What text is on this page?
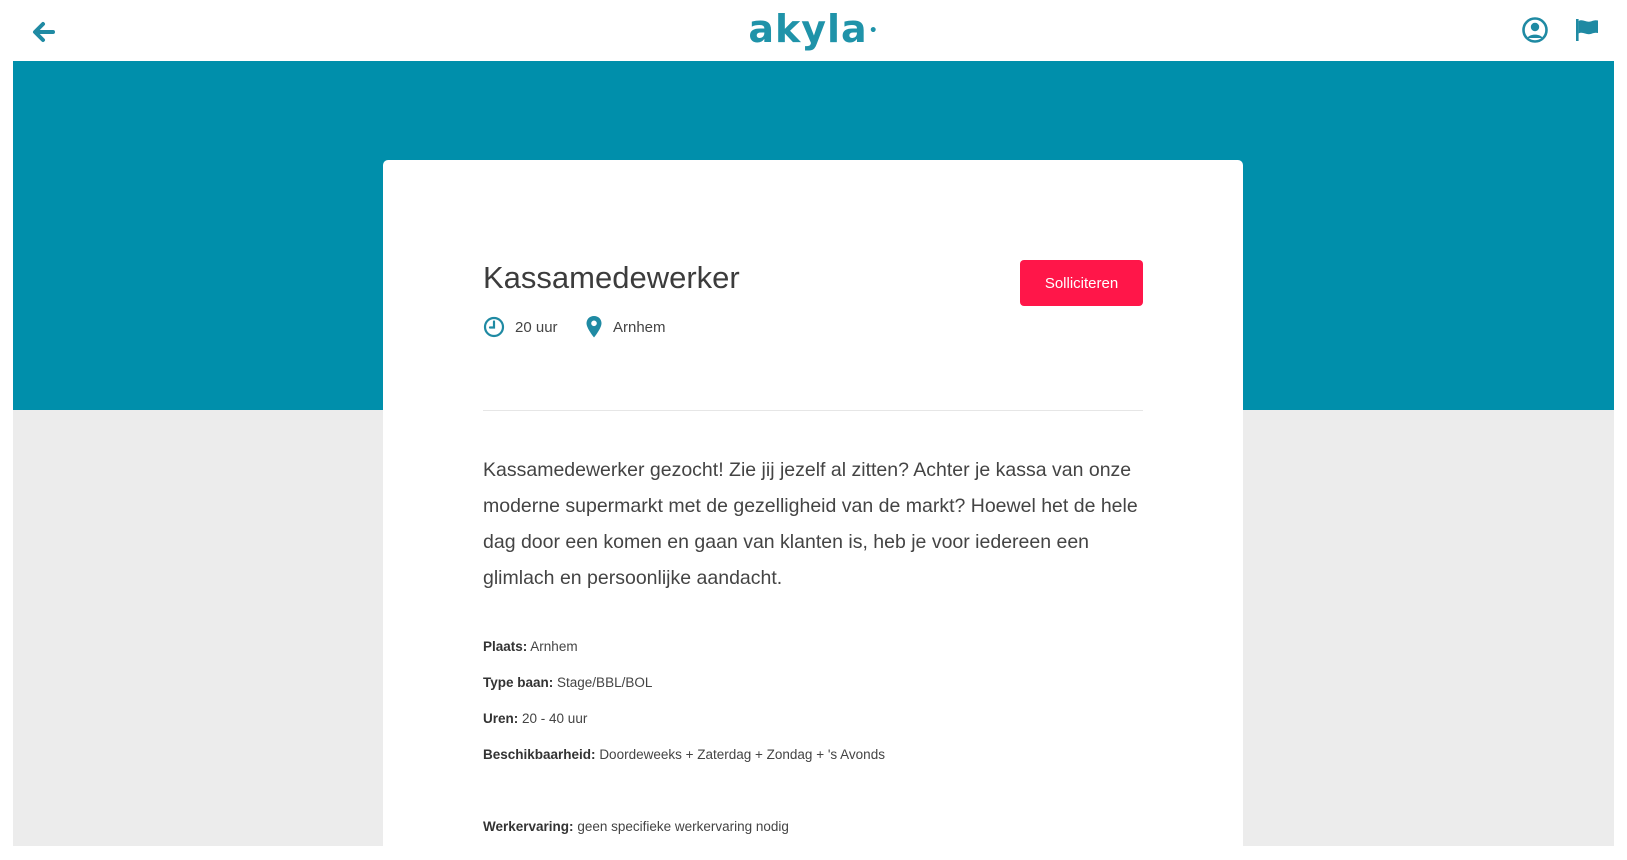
akyla•
Kassamedewerker	Solliciteren
20 uur	Arnhem

Kassamedewerker gezocht! Zie jij jezelf al zitten? Achter je kassa van onze moderne supermarkt met de gezelligheid van de markt? Hoewel het de hele dag door een komen en gaan van klanten is, heb je voor iedereen een glimlach en persoonlijke aandacht.

Plaats: Arnhem
Type baan: Stage/BBL/BOL
Uren: 20 - 40 uur
Beschikbaarheid: Doordeweeks + Zaterdag + Zondag + 's Avonds
Werkervaring: geen specifieke werkervaring nodig
